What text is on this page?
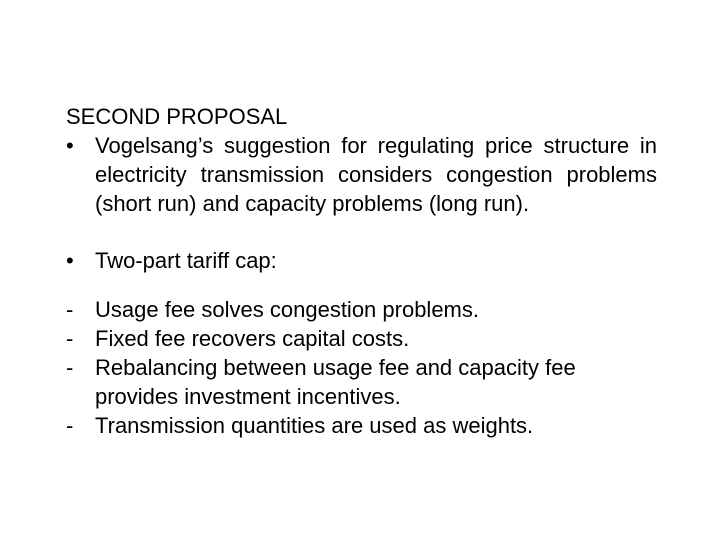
SECOND PROPOSAL
• Vogelsang’s suggestion for regulating price structure in electricity transmission considers congestion problems (short run) and capacity problems (long run).
• Two-part tariff cap:
- Usage fee solves congestion problems.
- Fixed fee recovers capital costs.
- Rebalancing between usage fee and capacity fee provides investment incentives.
- Transmission quantities are used as weights.
